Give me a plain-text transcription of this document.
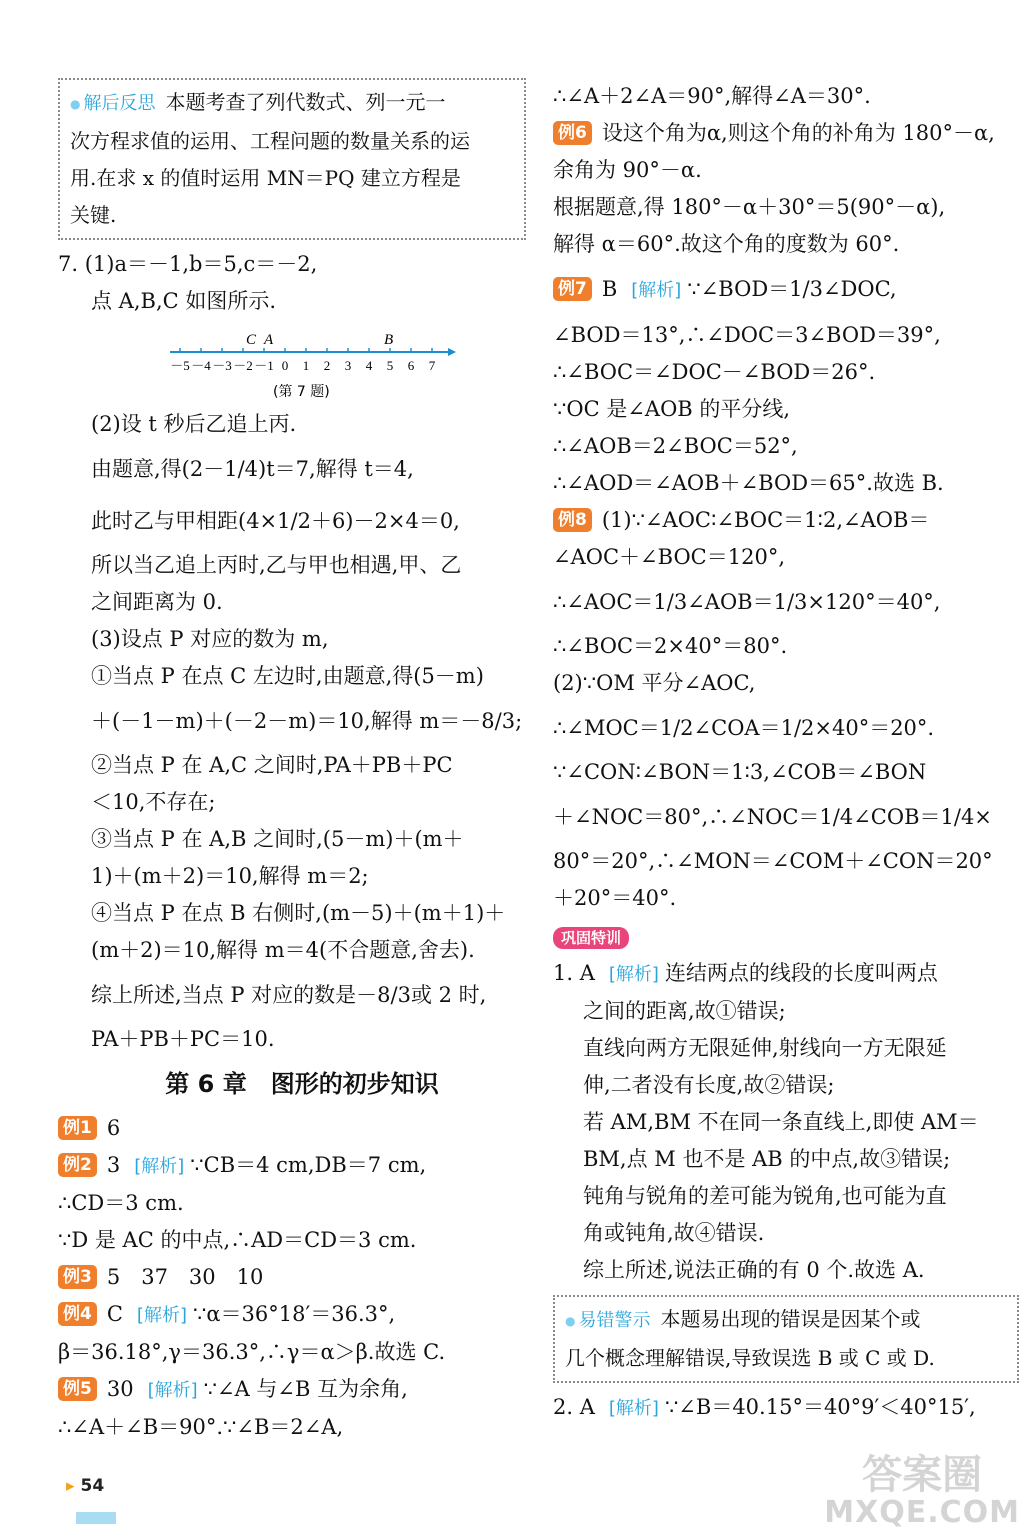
● 解后反思 本题考查了列代数式、列一元一
次方程求值的运用、工程问题的数量关系的运
用.在求 x 的值时运用 MN＝PQ 建立方程是
关键.
7. (1)a＝－1,b＝5,c＝－2,
点 A,B,C 如图所示.
－5 －4 －3 －2 －1 0 1 2 3 4 5 6 7
C A	B
(第 7 题)
(2)设 t 秒后乙追上丙.
由题意,得(2－1/4)t＝7,解得 t＝4,
此时乙与甲相距(4×1/2＋6)－2×4＝0,
所以当乙追上丙时,乙与甲也相遇,甲、乙
之间距离为 0.
(3)设点 P 对应的数为 m,
①当点 P 在点 C 左边时,由题意,得(5－m)
＋(－1－m)＋(－2－m)＝10,解得 m＝－8/3;
②当点 P 在 A,C 之间时,PA＋PB＋PC
＜10,不存在;
③当点 P 在 A,B 之间时,(5－m)＋(m＋
1)＋(m＋2)＝10,解得 m＝2;
④当点 P 在点 B 右侧时,(m－5)＋(m＋1)＋
(m＋2)＝10,解得 m＝4(不合题意,舍去).
综上所述,当点 P 对应的数是－8/3或 2 时,
PA＋PB＋PC＝10.
第 6 章　图形的初步知识
例1 6
例2 3 [解析] ∵CB＝4 cm,DB＝7 cm,
∴CD＝3 cm.
∵D 是 AC 的中点,∴AD＝CD＝3 cm.
例3 5　37　30　10
例4 C [解析] ∵α＝36°18′＝36.3°,
β＝36.18°,γ＝36.3°,∴γ＝α＞β.故选 C.
例5 30 [解析] ∵∠A 与∠B 互为余角,
∴∠A＋∠B＝90°.∵∠B＝2∠A,
∴∠A＋2∠A＝90°,解得∠A＝30°.
例6 设这个角为α,则这个角的补角为 180°－α,
余角为 90°－α.
根据题意,得 180°－α＋30°＝5(90°－α),
解得 α＝60°.故这个角的度数为 60°.
例7 B [解析] ∵∠BOD＝1/3∠DOC,
∠BOD＝13°,∴∠DOC＝3∠BOD＝39°,
∴∠BOC＝∠DOC－∠BOD＝26°.
∵OC 是∠AOB 的平分线,
∴∠AOB＝2∠BOC＝52°,
∴∠AOD＝∠AOB＋∠BOD＝65°.故选 B.
例8 (1)∵∠AOC∶∠BOC＝1∶2,∠AOB＝
∠AOC＋∠BOC＝120°,
∴∠AOC＝1/3∠AOB＝1/3×120°＝40°,
∴∠BOC＝2×40°＝80°.
(2)∵OM 平分∠AOC,
∴∠MOC＝1/2∠COA＝1/2×40°＝20°.
∵∠CON∶∠BON＝1∶3,∠COB＝∠BON
＋∠NOC＝80°,∴∠NOC＝1/4∠COB＝1/4×
80°＝20°,∴∠MON＝∠COM＋∠CON＝20°
＋20°＝40°.
巩固特训
1. A [解析] 连结两点的线段的长度叫两点
之间的距离,故①错误;
直线向两方无限延伸,射线向一方无限延
伸,二者没有长度,故②错误;
若 AM,BM 不在同一条直线上,即使 AM＝
BM,点 M 也不是 AB 的中点,故③错误;
钝角与锐角的差可能为锐角,也可能为直
角或钝角,故④错误.
综上所述,说法正确的有 0 个.故选 A.
● 易错警示 本题易出现的错误是因某个或
几个概念理解错误,导致误选 B 或 C 或 D.
2. A [解析] ∵∠B＝40.15°＝40°9′＜40°15′,
▸ 54	答案圈
MXQE.COM
